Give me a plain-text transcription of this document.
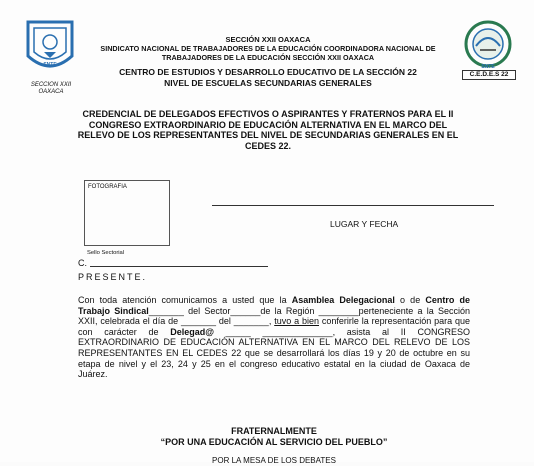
SNTE
SECCION XXII
OAXACA
SNTE
C.E.D.E.S 22
SECCIÓN XXII OAXACA
SINDICATO NACIONAL DE TRABAJADORES DE LA EDUCACIÓN COORDINADORA NACIONAL DE
TRABAJADORES DE LA EDUCACIÓN SECCIÓN XXII OAXACA
CENTRO DE ESTUDIOS Y DESARROLLO EDUCATIVO DE LA SECCIÓN 22
NIVEL DE ESCUELAS SECUNDARIAS GENERALES
CREDENCIAL DE DELEGADOS EFECTIVOS O ASPIRANTES Y FRATERNOS PARA EL II CONGRESO EXTRAORDINARIO DE EDUCACIÓN ALTERNATIVA EN EL MARCO DEL RELEVO DE LOS REPRESENTANTES DEL NIVEL DE SECUNDARIAS GENERALES EN EL CEDES 22.
FOTOGRAFIA
Sello Sectorial
LUGAR Y FECHA
C.
PRESENTE.
Con toda atención comunicamos a usted que la Asamblea Delegacional o de Centro de Trabajo Sindical_______ del Sector______de la Región ________perteneciente a la Sección XXII, celebrada el día de _______ del _______, tuvo a bien conferirle la representación para que con carácter de Delegad@ _____ ______________, asista al II CONGRESO EXTRAORDINARIO DE EDUCACIÓN ALTERNATIVA EN EL MARCO DEL RELEVO DE LOS REPRESENTANTES EN EL CEDES 22 que se desarrollará los días 19 y 20 de octubre en su etapa de nivel y el 23, 24 y 25 en el congreso educativo estatal en la ciudad de Oaxaca de Juárez.
FRATERNALMENTE
“POR UNA EDUCACIÓN AL SERVICIO DEL PUEBLO”
POR LA MESA DE LOS DEBATES
